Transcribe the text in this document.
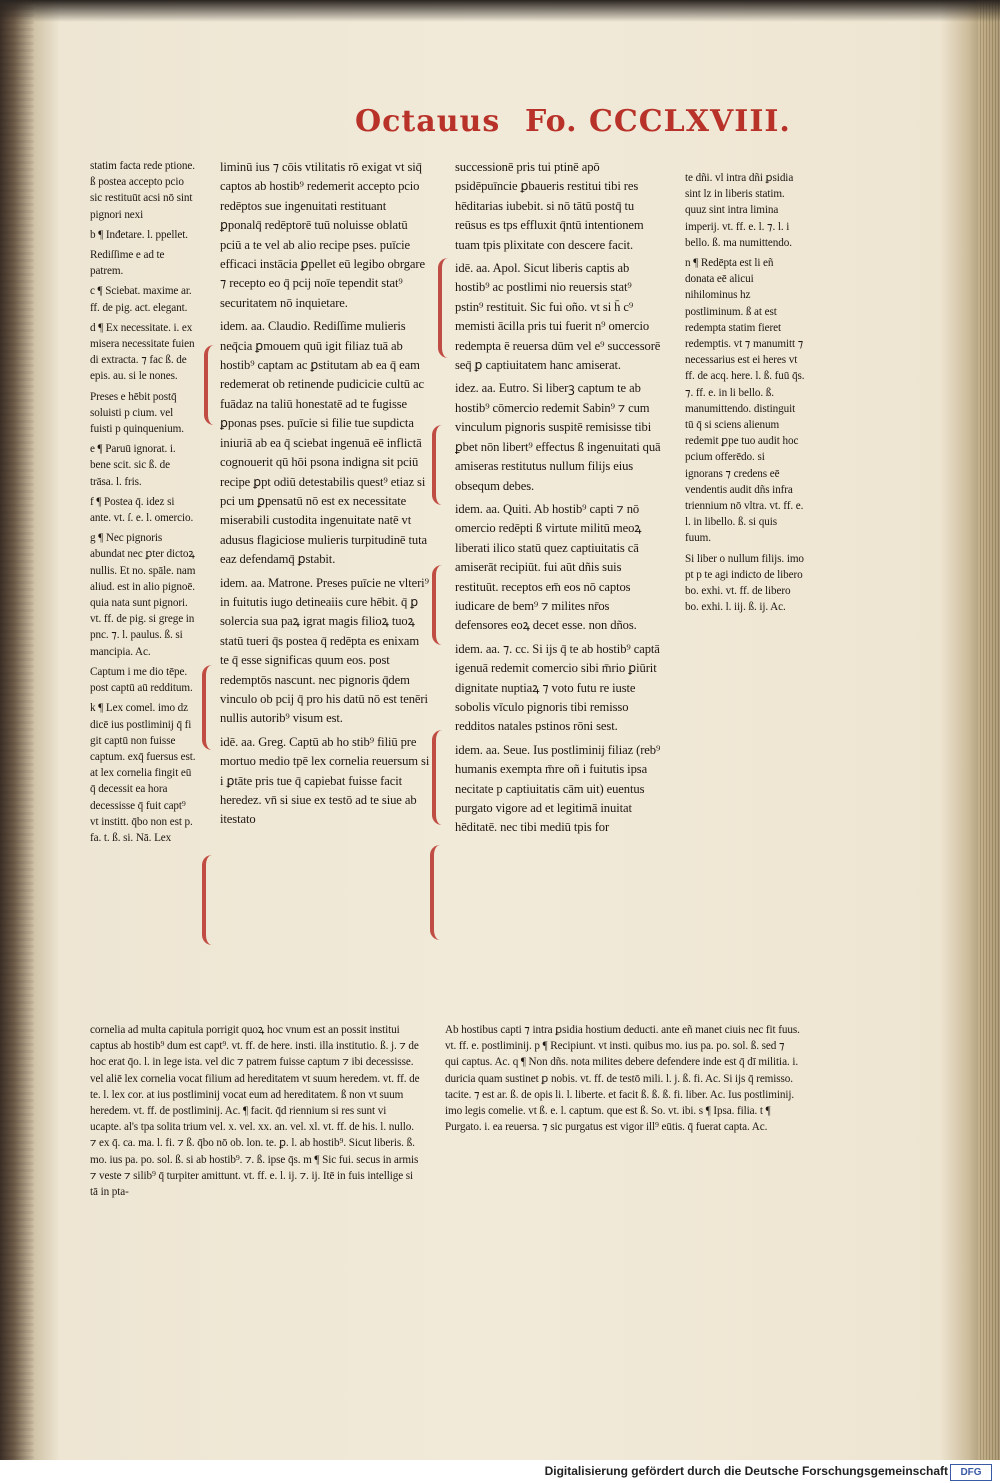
Octauus Fo. CCCLXVIII.

statim facta rede ptione. ß postea accepto pcio sic restituūt acsi nō sint pignori nexi

b ¶ Inđetare. l. ppellet.

Rediſſime e ad te patrem.

c ¶ Sciebat. maxime ar. ff. de pig. act. elegant.

d ¶ Ex necessitate. i. ex misera necessitate fuien di extracta. ⁊ fac ß. de epis. au. si le nones.

Preses e hēbit postq̄ soluisti p cium. vel fuisti p quinquenium.

e ¶ Paruū ignorat. i. bene scit. sic ß. de trāsa. l. fris.

f ¶ Postea q̄. idez si ante. vt. ſ. e. l. omercio.

g ¶ Nec pignoris abundat nec ꝑter dictoꝝ nullis. Et no. spāle. nam aliud. est in alio pignoē. quia nata sunt pignori. vt. ff. de pig. si grege in pnc. ⁊. l. paulus. ß. si mancipia. Ac.

Captum i me dio tēpe. post captū aū redditum.

k ¶ Lex comel. imo dz dicē ius postliminij q̄ fi git captū non fuisse captum. exq̄ fuersus est. at lex cornelia fingit eū q̄ decessit ea hora decessisse q̄ fuit capt⁹ vt institt. q̄bo non est p. fa. t. ß. si. Nā. Lex

liminū ius ⁊ cōis vtilitatis rō exigat vt siq̄ captos ab hostib⁹ redemerit accepto pcio redēptos sue ingenuitati restituant ꝑponalq̄ redēptorē tuū noluisse oblatū pciū a te vel ab alio recipe pses. puīcie efficaci instācia ꝑpellet eū legibo obrgare ⁊ recepto eo q̄ pcij noīe tependit stat⁹ securitatem nō inquietare.

idem. aa. Claudio. Rediſſime mulieris neq̄cia ꝑmouem quū igit filiaz tuā ab hostib⁹ captam ac ꝑstitutam ab ea q̄ eam redemerat ob retinende pudicicie cultū ac fuādaz na taliū honestatē ad te fugisse ꝑponas pses. puīcie si filie tue supdicta iniuriā ab ea q̄ sciebat ingenuā eē inflictā cognouerit qū hōi psona indigna sit pciū recipe ꝑpt odiū detestabilis quest⁹ etiaz si pci um ꝑpensatū nō est ex necessitate miserabili custodita ingenuitate natē vt adusus flagiciose mulieris turpitudinē tuta eaz defendamq̄ ꝑstabit.

idem. aa. Matrone. Preses puīcie ne vlteri⁹ in fuitutis iugo detineaiis cure hēbit. q̄ ꝑ solercia sua paꝝ igrat magis filioꝝ tuoꝝ statū tueri q̄s postea q̄ redēpta es enixam te q̄ esse significas quum eos. post redemptōs nascunt. nec pignoris q̄dem vinculo ob pcij q̄ pro his datū nō est tenēri nullis autorib⁹ visum est.

idē. aa. Greg. Captū ab ho stib⁹ filiū pre mortuo medio tpē lex cornelia reuersum si i ꝑtāte pris tue q̄ capiebat fuisse facit heredez. vn̄ si siue ex testō ad te siue ab itestato

successionē pris tui ptinē apō psidēpuīncie ꝑbaueris restitui tibi res hēditarias iubebit. si nō tātū postq̄ tu reūsus es tps effluxit q̄ntū intentionem tuam tpis plixitate con descere facit.

idē. aa. Apol. Sicut liberis captis ab hostib⁹ ac postlimi nio reuersis stat⁹ pstin⁹ restituit. Sic fui oño. vt si h̄ c⁹ memisti ācilla pris tui fuerit n⁹ omercio redempta ē reuersa dūm vel e⁹ successorē seq̄ ꝑ captiuitatem hanc amiserat.

idez. aa. Eutro. Si liberꝫ captum te ab hostib⁹ cōmercio redemit Sabin⁹ ⁊ cum vinculum pignoris suspitē remisisse tibi ꝑbet nōn libert⁹ effectus ß ingenuitati quā amiseras restitutus nullum filijs eius obsequm debes.

idem. aa. Quiti. Ab hostib⁹ capti ⁊ nō omercio redēpti ß virtute militū meoꝝ liberati ilico statū quez captiuitatis cā amiserāt recipiūt. fui aūt dñis suis restituūt. receptos em̄ eos nō captos iudicare de bem⁹ ⁊ milites nr̄os defensores eoꝝ decet esse. non dños.

idem. aa. ⁊. cc. Si ijs q̄ te ab hostib⁹ captā igenuā redemit comercio sibi m̄rio ꝑiūrit dignitate nuptiaꝝ ⁊ voto futu re iuste sobolis vīculo pignoris tibi remisso redditos natales pstinos rōni sest.

idem. aa. Seue. Ius postliminij filiaz (reb⁹ humanis exempta m̄re oñ i fuitutis ipsa necitate p captiuitatis cām uit) euentus purgato vigore ad et legitimā inuitat hēditatē. nec tibi mediū tpis for

te dñi. vl intra dñi ꝑsidia sint lz in liberis statim. quuz sint intra limina imperij. vt. ff. e. l. ⁊. l. i bello. ß. ma numittendo.

n ¶ Redēpta est li eñ donata eē alicui nihilominus hz postliminum. ß at est redempta statim fieret redemptis. vt ⁊ manumitt ⁊ necessarius est ei heres vt ff. de acq. here. l. ß. fuū q̄s. ⁊. ff. e. in li bello. ß. manumittendo. distinguit tū q̄ si sciens alienum redemit ꝑpe tuo audit hoc pcium offerēdo. si ignorans ⁊ credens eē vendentis audit dñs infra triennium nō vltra. vt. ff. e. l. in libello. ß. si quis fuum.

Si liber o nullum filijs. imo pt p te agi indicto de libero bo. exhi. vt. ff. de libero bo. exhi. l. iij. ß. ij. Ac.

cornelia ad multa capitula porrigit quoꝝ hoc vnum est an possit institui captus ab hostib⁹ dum est capt⁹. vt. ff. de here. insti. illa institutio. ß. j. ⁊ de hoc erat q̄o. l. in lege ista. vel dic ⁊ patrem fuisse captum ⁊ ibi decessisse. vel aliē lex cornelia vocat filium ad hereditatem vt suum heredem. vt. ff. de te. l. lex cor. at ius postliminij vocat eum ad hereditatem. ß non vt suum heredem. vt. ff. de postliminij. Ac. ¶ facit. q̄d riennium si res sunt vi ucapte. al's tpa solita trium vel. x. vel. xx. an. vel. xl. vt. ff. de his. l. nullo. ⁊ ex q̄. ca. ma. l. fi. ⁊ ß. q̄bo nō ob. lon. te. ꝑ. l. ab hostib⁹. Sicut liberis. ß. mo. ius pa. po. sol. ß. si ab hostib⁹. ⁊. ß. ipse q̄s. m ¶ Sic fui. secus in armis ⁊ veste ⁊ silib⁹ q̄ turpiter amittunt. vt. ff. e. l. ij. ⁊. ij. Itē in fuis intellige si tā in pta-

Ab hostibus capti ⁊ intra ꝑsidia hostium deducti. ante eñ manet ciuis nec fit fuus. vt. ff. e. postliminij. p ¶ Recipiunt. vt insti. quibus mo. ius pa. po. sol. ß. sed ⁊ qui captus. Ac. q ¶ Non dñs. nota milites debere defendere inde est q̄ dī militia. i. duricia quam sustinet ꝑ nobis. vt. ff. de testō mili. l. j. ß. fi. Ac. Si ijs q̄ remisso. tacite. ⁊ est ar. ß. de opis li. l. liberte. et facit ß. ß. ß. fi. liber. Ac. Ius postliminij. imo legis comelie. vt ß. e. l. captum. que est ß. So. vt. ibi. s ¶ Ipsa. filia. t ¶ Purgato. i. ea reuersa. ⁊ sic purgatus est vigor ill⁹ eūtis. q̄ fuerat capta. Ac.

Digitalisierung gefördert durch die Deutsche Forschungsgemeinschaft	DFG
